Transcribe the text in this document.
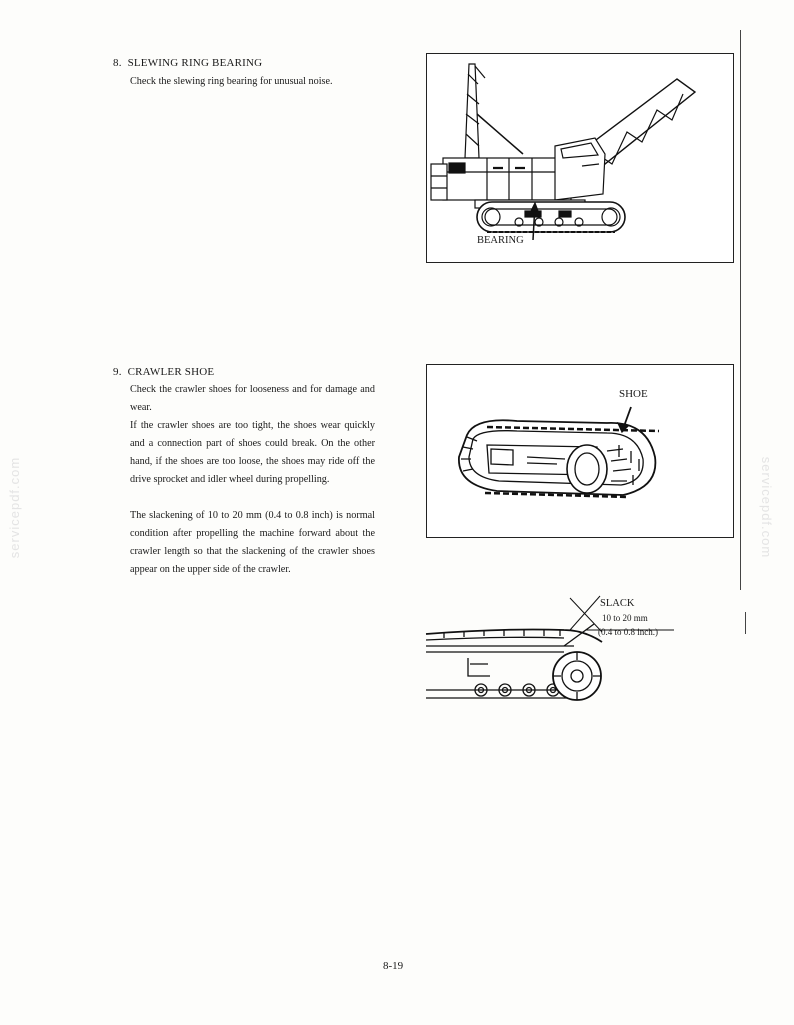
8. SLEWING RING BEARING

Check the slewing ring bearing for unusual noise.

BEARING
9. CRAWLER SHOE

Check the crawler shoes for looseness and for damage and wear.

If the crawler shoes are too tight, the shoes wear quickly and a connection part of shoes could break. On the other hand, if the shoes are too loose, the shoes may ride off the drive sprocket and idler wheel during propelling.

The slackening of 10 to 20 mm (0.4 to 0.8 inch) is normal condition after propelling the machine forward about the crawler length so that the slackening of the crawler shoes appear on the upper side of the crawler.

SHOE
SLACK
10 to 20 mm
(0.4 to 0.8 inch.)
servicepdf.com	servicepdf.com
8-19
